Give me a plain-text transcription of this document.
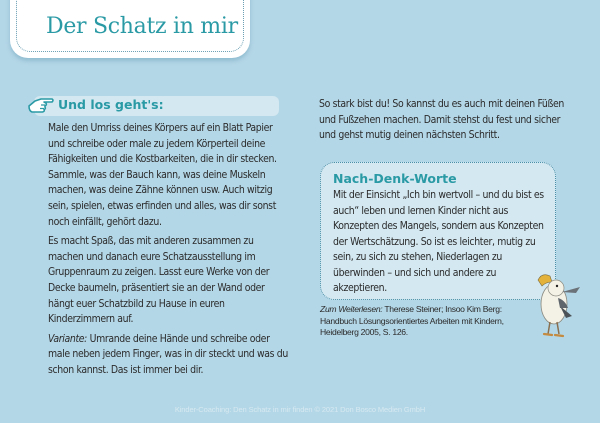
Der Schatz in mir
Und los geht's:

Male den Umriss deines Körpers auf ein Blatt Papier und schreibe oder male zu jedem Körperteil deine Fähigkeiten und die Kostbarkeiten, die in dir stecken. Sammle, was der Bauch kann, was deine Muskeln machen, was deine Zähne können usw. Auch witzig sein, spielen, etwas erfinden und alles, was dir sonst noch einfällt, gehört dazu.

Es macht Spaß, das mit anderen zusammen zu machen und danach eure Schatzausstellung im Gruppenraum zu zeigen. Lasst eure Werke von der Decke baumeln, präsentiert sie an der Wand oder hängt euer Schatzbild zu Hause in euren Kinderzimmern auf.

Variante: Umrande deine Hände und schreibe oder male neben jedem Finger, was in dir steckt und was du schon kannst. Das ist immer bei dir.

So stark bist du! So kannst du es auch mit deinen Füßen und Fußzehen machen. Damit stehst du fest und sicher und gehst mutig deinen nächsten Schritt.

Nach-Denk-Worte

Mit der Einsicht „Ich bin wertvoll – und du bist es auch“ leben und lernen Kinder nicht aus Konzepten des Mangels, sondern aus Konzepten der Wertschätzung. So ist es leichter, mutig zu sein, zu sich zu stehen, Niederlagen zu überwinden – und sich und andere zu akzeptieren.

Zum Weiterlesen: Therese Steiner; Insoo Kim Berg: Handbuch Lösungsorientiertes Arbeiten mit Kindern, Heidelberg 2005, S. 126.
Kinder-Coaching: Den Schatz in mir finden © 2021 Don Bosco Medien GmbH
